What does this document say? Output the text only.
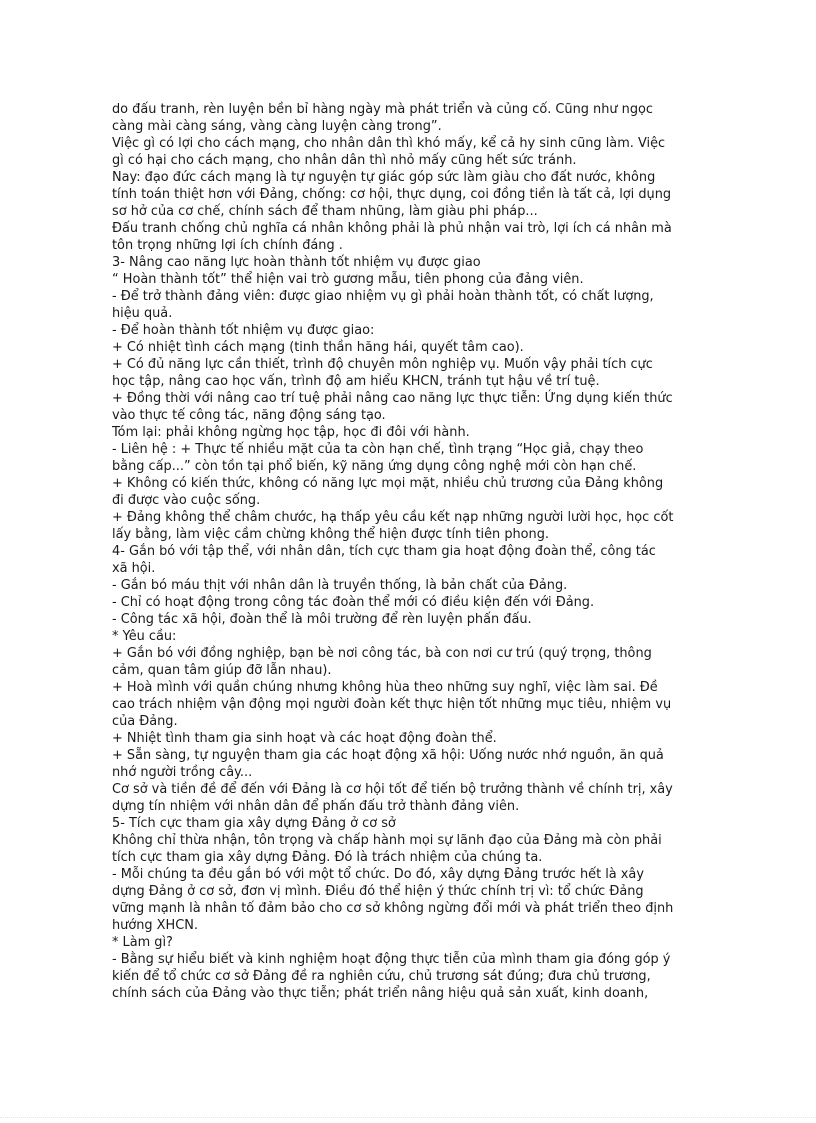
do đấu tranh, rèn luyện bền bỉ hàng ngày mà phát triển và củng cố. Cũng như ngọc
càng mài càng sáng, vàng càng luyện càng trong”.
Việc gì có lợi cho cách mạng, cho nhân dân thì khó mấy, kể cả hy sinh cũng làm. Việc
gì có hại cho cách mạng, cho nhân dân thì nhỏ mấy cũng hết sức tránh.
Nay: đạo đức cách mạng là tự nguyện tự giác góp sức làm giàu cho đất nước, không
tính toán thiệt hơn với Đảng, chống: cơ hội, thực dụng, coi đồng tiền là tất cả, lợi dụng
sơ hở của cơ chế, chính sách để tham nhũng, làm giàu phi pháp...
Đấu tranh chống chủ nghĩa cá nhân không phải là phủ nhận vai trò, lợi ích cá nhân mà
tôn trọng những lợi ích chính đáng .
3- Nâng cao năng lực hoàn thành tốt nhiệm vụ được giao
“ Hoàn thành tốt” thể hiện vai trò gương mẫu, tiên phong của đảng viên.
- Để trở thành đảng viên: được giao nhiệm vụ gì phải hoàn thành tốt, có chất lượng,
hiệu quả.
- Để hoàn thành tốt nhiệm vụ được giao:
+ Có nhiệt tình cách mạng (tinh thần hăng hái, quyết tâm cao).
+ Có đủ năng lực cần thiết, trình độ chuyên môn nghiệp vụ. Muốn vậy phải tích cực
học tập, nâng cao học vấn, trình độ am hiểu KHCN, tránh tụt hậu về trí tuệ.
+ Đồng thời với nâng cao trí tuệ phải nâng cao năng lực thực tiễn: Ứng dụng kiến thức
vào thực tế công tác, năng động sáng tạo.
Tóm lại: phải không ngừng học tập, học đi đôi với hành.
- Liên hệ : + Thực tế nhiều mặt của ta còn hạn chế, tình trạng “Học giả, chạy theo
bằng cấp...” còn tồn tại phổ biến, kỹ năng ứng dụng công nghệ mới còn hạn chế.
+ Không có kiến thức, không có năng lực mọi mặt, nhiều chủ trương của Đảng không
đi được vào cuộc sống.
+ Đảng không thể châm chước, hạ thấp yêu cầu kết nạp những người lười học, học cốt
lấy bằng, làm việc cầm chừng không thể hiện được tính tiên phong.
4- Gắn bó với tập thể, với nhân dân, tích cực tham gia hoạt động đoàn thể, công tác
xã hội.
- Gắn bó máu thịt với nhân dân là truyền thống, là bản chất của Đảng.
- Chỉ có hoạt động trong công tác đoàn thể mới có điều kiện đến với Đảng.
- Công tác xã hội, đoàn thể là môi trường để rèn luyện phấn đấu.
* Yêu cầu:
+ Gắn bó với đồng nghiệp, bạn bè nơi công tác, bà con nơi cư trú (quý trọng, thông
cảm, quan tâm giúp đỡ lẫn nhau).
+ Hoà mình với quần chúng nhưng không hùa theo những suy nghĩ, việc làm sai. Đề
cao trách nhiệm vận động mọi người đoàn kết thực hiện tốt những mục tiêu, nhiệm vụ
của Đảng.
+ Nhiệt tình tham gia sinh hoạt và các hoạt động đoàn thể.
+ Sẵn sàng, tự nguyện tham gia các hoạt động xã hội: Uống nước nhớ nguồn, ăn quả
nhớ người trồng cây...
Cơ sở và tiền đề để đến với Đảng là cơ hội tốt để tiến bộ trưởng thành về chính trị, xây
dựng tín nhiệm với nhân dân để phấn đấu trở thành đảng viên.
5- Tích cực tham gia xây dựng Đảng ở cơ sở
Không chỉ thừa nhận, tôn trọng và chấp hành mọi sự lãnh đạo của Đảng mà còn phải
tích cực tham gia xây dựng Đảng. Đó là trách nhiệm của chúng ta.
- Mỗi chúng ta đều gắn bó với một tổ chức. Do đó, xây dựng Đảng trước hết là xây
dựng Đảng ở cơ sở, đơn vị mình. Điều đó thể hiện ý thức chính trị vì: tổ chức Đảng
vững mạnh là nhân tố đảm bảo cho cơ sở không ngừng đổi mới và phát triển theo định
hướng XHCN.
* Làm gì?
- Bằng sự hiểu biết và kinh nghiệm hoạt động thực tiễn của mình tham gia đóng góp ý
kiến để tổ chức cơ sở Đảng đề ra nghiên cứu, chủ trương sát đúng; đưa chủ trương,
chính sách của Đảng vào thực tiễn; phát triển nâng hiệu quả sản xuất, kinh doanh,
